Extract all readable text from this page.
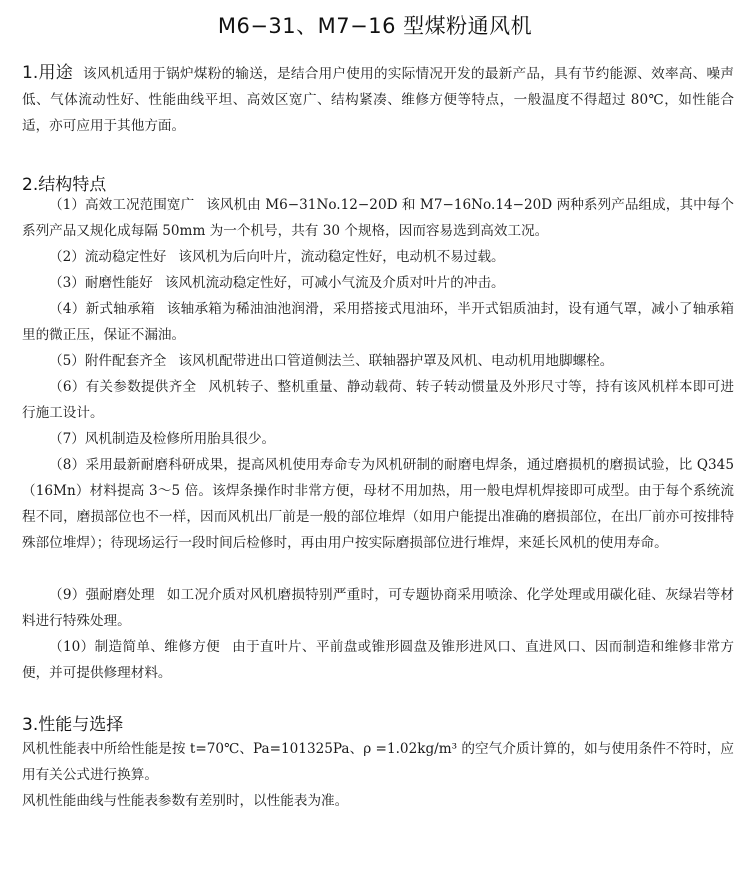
M6−31、M7−16 型煤粉通风机

1.用途 该风机适用于锅炉煤粉的输送，是结合用户使用的实际情况开发的最新产品，具有节约能源、效率高、噪声低、气体流动性好、性能曲线平坦、高效区宽广、结构紧凑、维修方便等特点，一般温度不得超过 80℃，如性能合适，亦可应用于其他方面。

2.结构特点

（1）高效工况范围宽广 该风机由 M6−31No.12−20D 和 M7−16No.14−20D 两种系列产品组成，其中每个系列产品又规化成每隔 50mm 为一个机号，共有 30 个规格，因而容易选到高效工况。

（2）流动稳定性好 该风机为后向叶片，流动稳定性好，电动机不易过载。

（3）耐磨性能好 该风机流动稳定性好，可减小气流及介质对叶片的冲击。

（4）新式轴承箱 该轴承箱为稀油油池润滑，采用搭接式甩油环，半开式铝质油封，设有通气罩，减小了轴承箱里的微正压，保证不漏油。

（5）附件配套齐全 该风机配带进出口管道侧法兰、联轴器护罩及风机、电动机用地脚螺栓。

（6）有关参数提供齐全 风机转子、整机重量、静动载荷、转子转动惯量及外形尺寸等，持有该风机样本即可进行施工设计。

（7）风机制造及检修所用胎具很少。

（8）采用最新耐磨科研成果，提高风机使用寿命专为风机研制的耐磨电焊条，通过磨损机的磨损试验，比 Q345（16Mn）材料提高 3～5 倍。该焊条操作时非常方便，母材不用加热，用一般电焊机焊接即可成型。由于每个系统流程不同，磨损部位也不一样，因而风机出厂前是一般的部位堆焊（如用户能提出准确的磨损部位，在出厂前亦可按排特殊部位堆焊）；待现场运行一段时间后检修时，再由用户按实际磨损部位进行堆焊，来延长风机的使用寿命。

（9）强耐磨处理 如工况介质对风机磨损特别严重时，可专题协商采用喷涂、化学处理或用碳化硅、灰绿岩等材料进行特殊处理。

（10）制造简单、维修方便 由于直叶片、平前盘或锥形圆盘及锥形进风口、直进风口、因而制造和维修非常方便，并可提供修理材料。

3.性能与选择

风机性能表中所给性能是按 t=70℃、Pa=101325Pa、ρ =1.02kg/m³ 的空气介质计算的，如与使用条件不符时，应用有关公式进行换算。

风机性能曲线与性能表参数有差别时，以性能表为准。
